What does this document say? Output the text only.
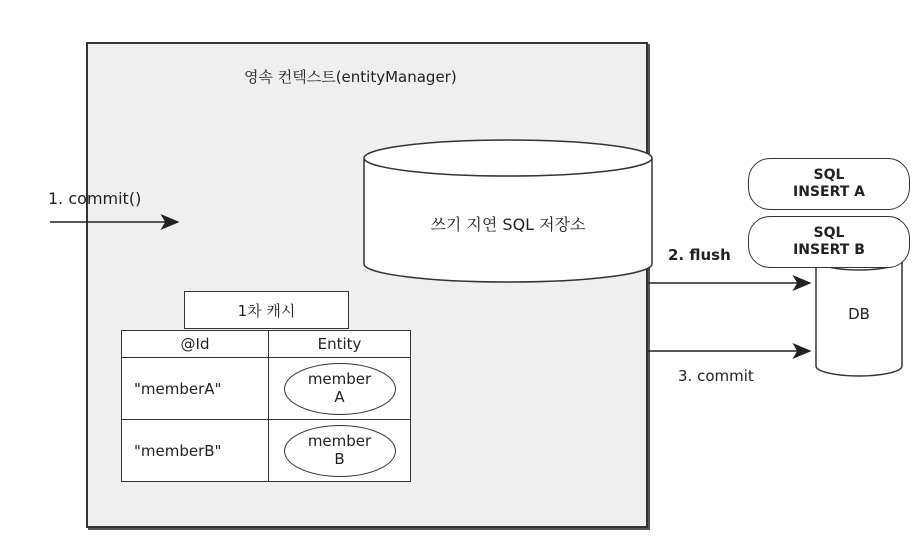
영속 컨텍스트(entityManager)
쓰기 지연 SQL 저장소
1. commit()
2. flush
3. commit
DB
SQL
INSERT A
SQL
INSERT B
1차 캐시
@Id	Entity
"memberA"	member
A

"memberB"	member
B
